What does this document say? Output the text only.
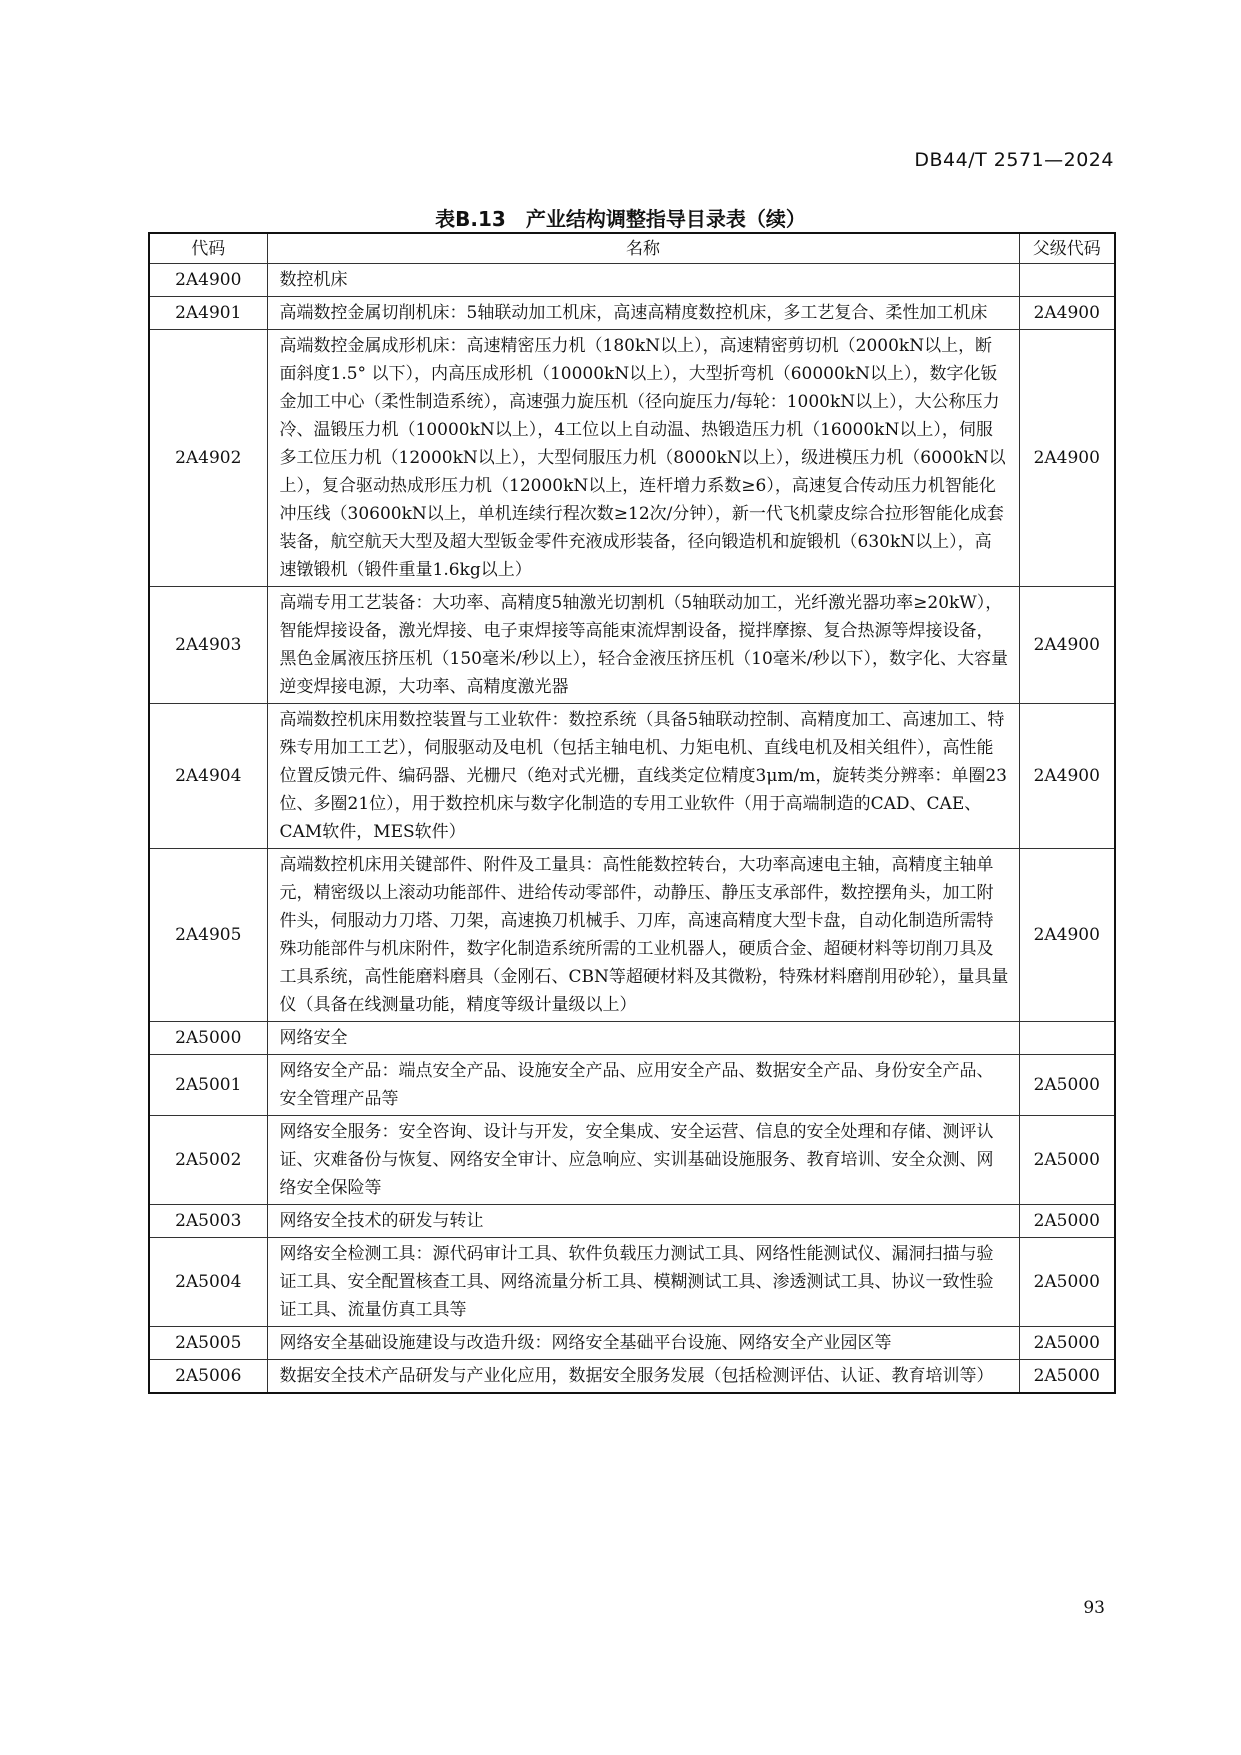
DB44/T 2571—2024
表B.13　产业结构调整指导目录表（续）
代码	名称	父级代码
2A4900	数控机床	
2A4901	高端数控金属切削机床：5轴联动加工机床，高速高精度数控机床，多工艺复合、柔性加工机床	2A4900
2A4902	高端数控金属成形机床：高速精密压力机（180kN以上），高速精密剪切机（2000kN以上，断面斜度1.5° 以下），内高压成形机（10000kN以上），大型折弯机（60000kN以上），数字化钣金加工中心（柔性制造系统），高速强力旋压机（径向旋压力/每轮：1000kN以上），大公称压力冷、温锻压力机（10000kN以上），4工位以上自动温、热锻造压力机（16000kN以上），伺服多工位压力机（12000kN以上），大型伺服压力机（8000kN以上），级进模压力机（6000kN以上），复合驱动热成形压力机（12000kN以上，连杆增力系数≥6），高速复合传动压力机智能化冲压线（30600kN以上，单机连续行程次数≥12次/分钟），新一代飞机蒙皮综合拉形智能化成套装备，航空航天大型及超大型钣金零件充液成形装备，径向锻造机和旋锻机（630kN以上），高速镦锻机（锻件重量1.6kg以上）	2A4900
2A4903	高端专用工艺装备：大功率、高精度5轴激光切割机（5轴联动加工，光纤激光器功率≥20kW），智能焊接设备，激光焊接、电子束焊接等高能束流焊割设备，搅拌摩擦、复合热源等焊接设备，黑色金属液压挤压机（150毫米/秒以上），轻合金液压挤压机（10毫米/秒以下），数字化、大容量逆变焊接电源，大功率、高精度激光器	2A4900
2A4904	高端数控机床用数控装置与工业软件：数控系统（具备5轴联动控制、高精度加工、高速加工、特殊专用加工工艺），伺服驱动及电机（包括主轴电机、力矩电机、直线电机及相关组件），高性能位置反馈元件、编码器、光栅尺（绝对式光栅，直线类定位精度3μm/m，旋转类分辨率：单圈23位、多圈21位），用于数控机床与数字化制造的专用工业软件（用于高端制造的CAD、CAE、CAM软件，MES软件）	2A4900
2A4905	高端数控机床用关键部件、附件及工量具：高性能数控转台，大功率高速电主轴，高精度主轴单元，精密级以上滚动功能部件、进给传动零部件，动静压、静压支承部件，数控摆角头，加工附件头，伺服动力刀塔、刀架，高速换刀机械手、刀库，高速高精度大型卡盘，自动化制造所需特殊功能部件与机床附件，数字化制造系统所需的工业机器人，硬质合金、超硬材料等切削刀具及工具系统，高性能磨料磨具（金刚石、CBN等超硬材料及其微粉，特殊材料磨削用砂轮），量具量仪（具备在线测量功能，精度等级计量级以上）	2A4900
2A5000	网络安全	
2A5001	网络安全产品：端点安全产品、设施安全产品、应用安全产品、数据安全产品、身份安全产品、安全管理产品等	2A5000
2A5002	网络安全服务：安全咨询、设计与开发，安全集成、安全运营、信息的安全处理和存储、测评认证、灾难备份与恢复、网络安全审计、应急响应、实训基础设施服务、教育培训、安全众测、网络安全保险等	2A5000
2A5003	网络安全技术的研发与转让	2A5000
2A5004	网络安全检测工具：源代码审计工具、软件负载压力测试工具、网络性能测试仪、漏洞扫描与验证工具、安全配置核查工具、网络流量分析工具、模糊测试工具、渗透测试工具、协议一致性验证工具、流量仿真工具等	2A5000
2A5005	网络安全基础设施建设与改造升级：网络安全基础平台设施、网络安全产业园区等	2A5000
2A5006	数据安全技术产品研发与产业化应用，数据安全服务发展（包括检测评估、认证、教育培训等）	2A5000
93
